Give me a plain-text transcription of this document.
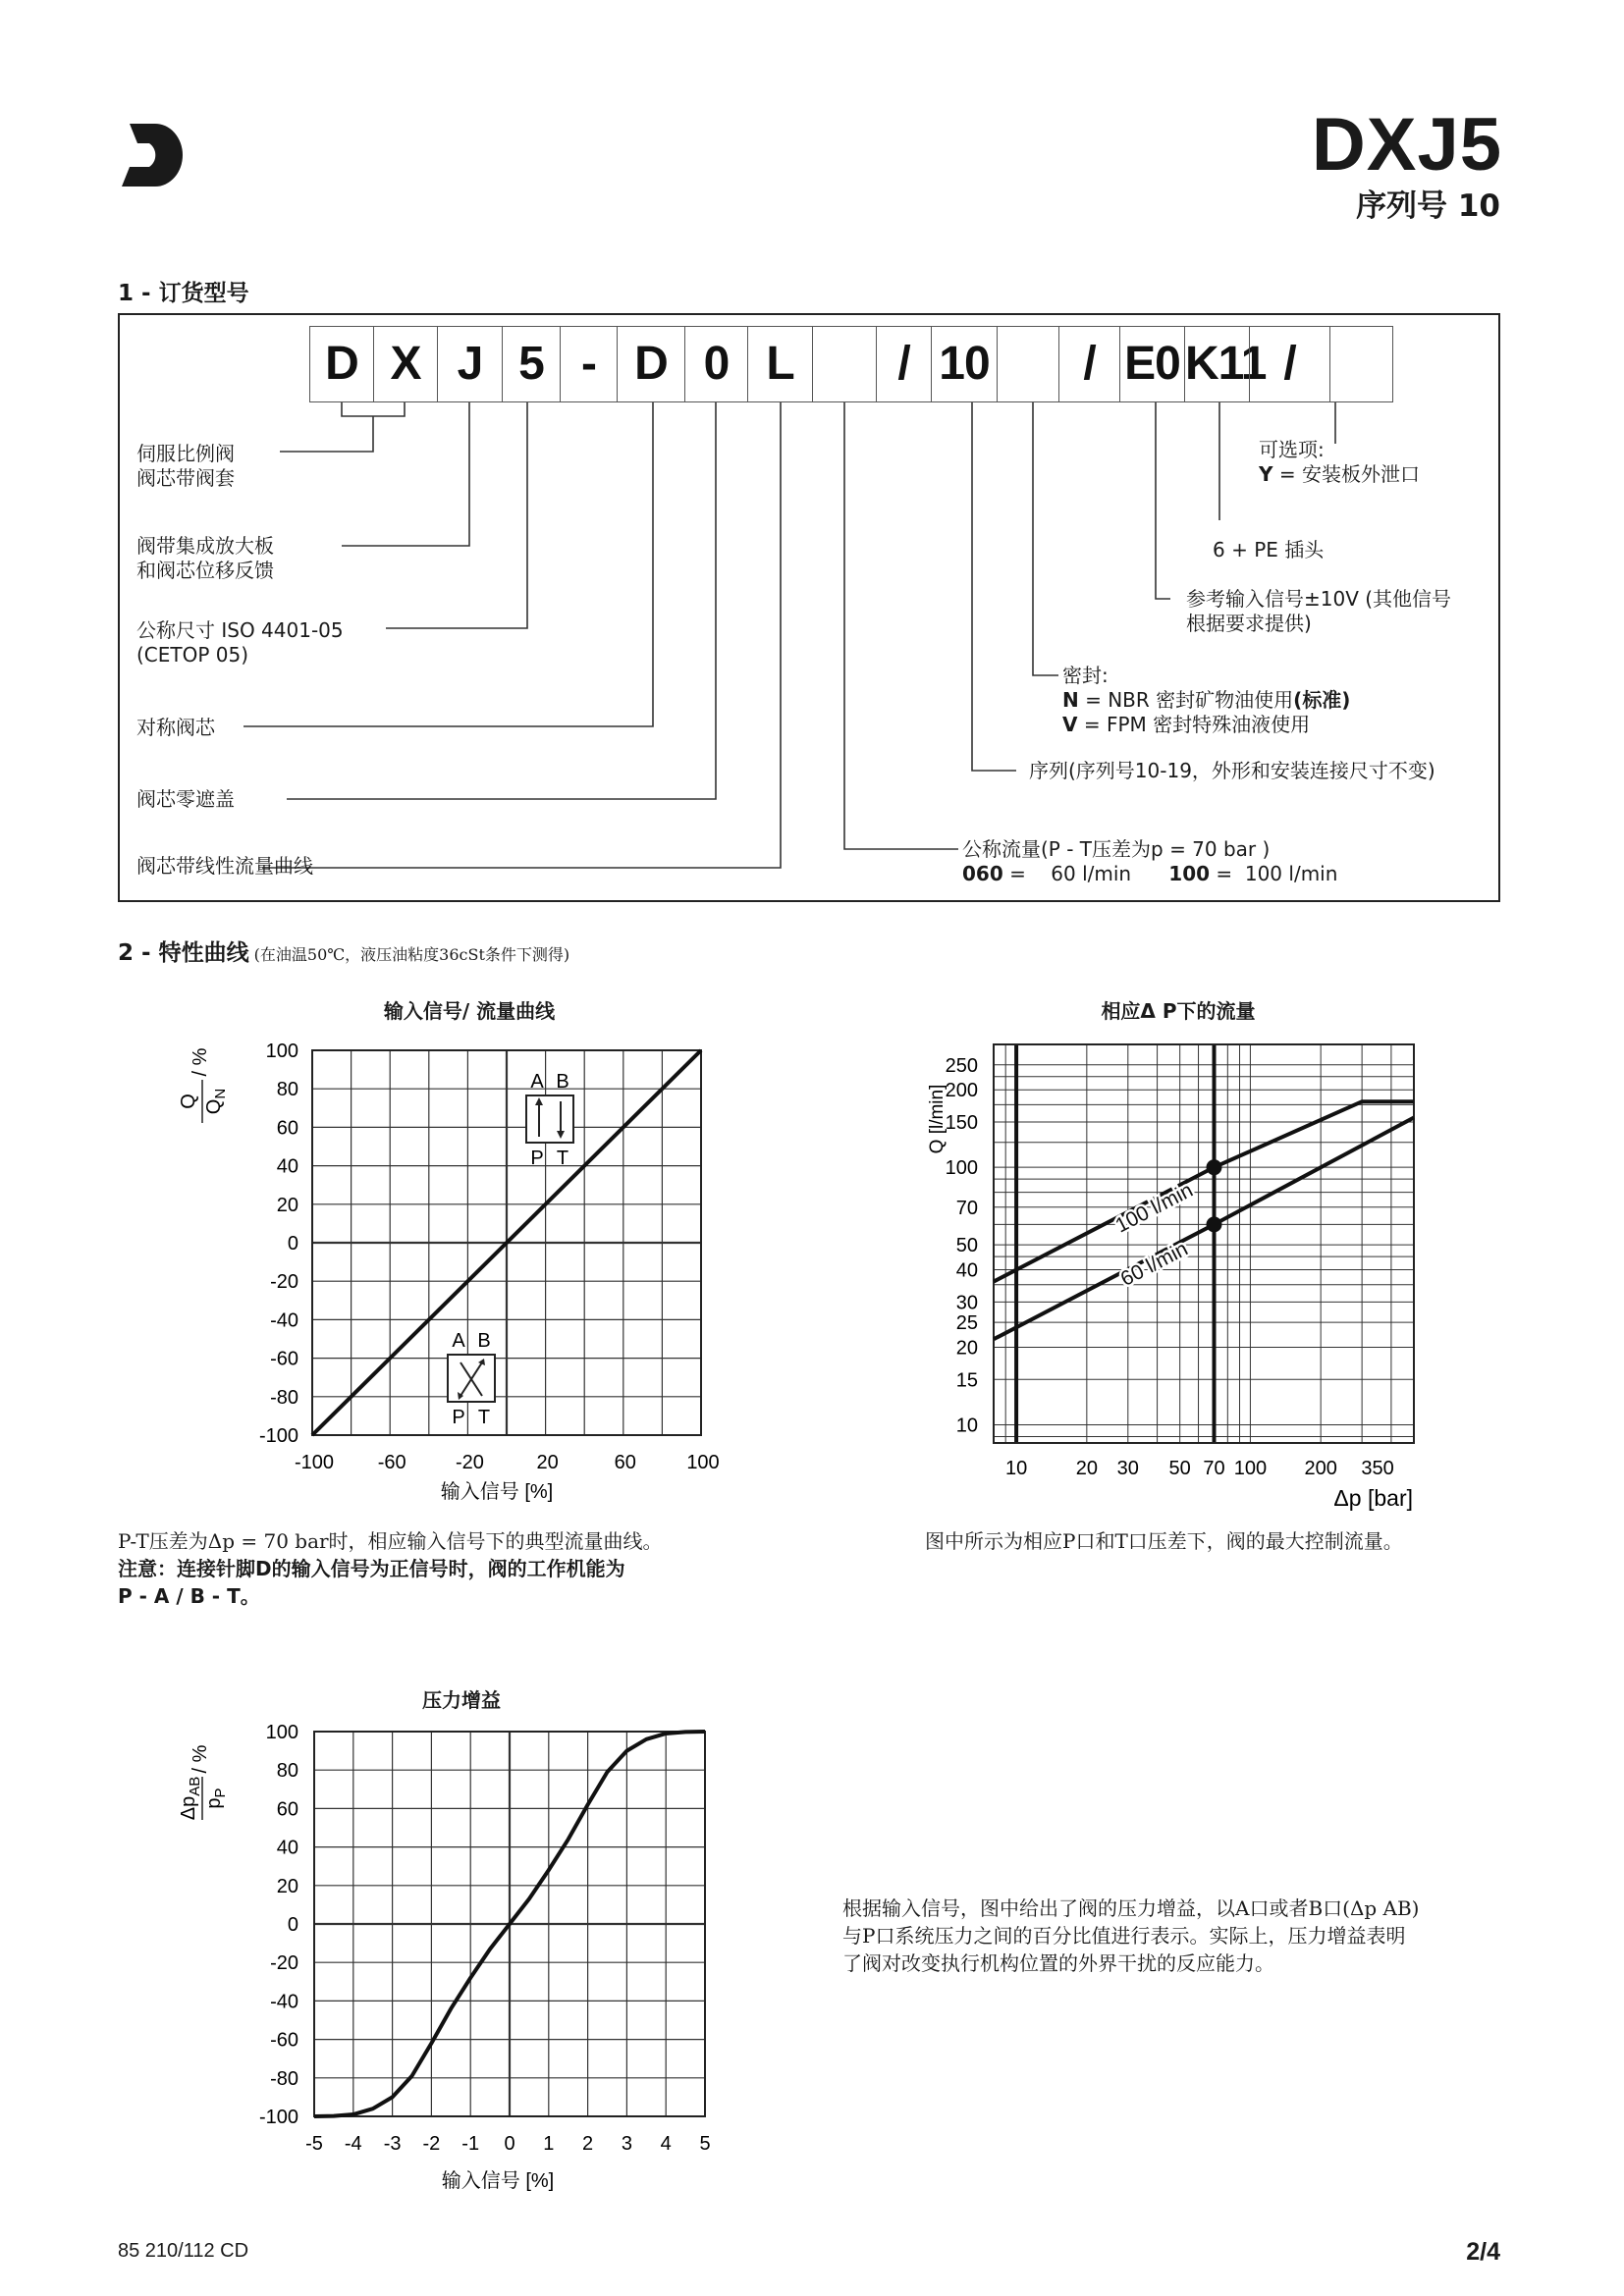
DXJ5
序列号 10
1 - 订货型号
D X J 5 - D 0 L	/ 10	/ E0 K11 /
伺服比例阀
阀芯带阀套
阀带集成放大板
和阀芯位移反馈
公称尺寸 ISO 4401-05
(CETOP 05)
对称阀芯
阀芯零遮盖
阀芯带线性流量曲线
可选项:
Y = 安装板外泄口
6 + PE 插头
参考输入信号±10V (其他信号
根据要求提供)
密封:
N = NBR 密封矿物油使用(标准)
V = FPM 密封特殊油液使用
序列(序列号10-19，外形和安装连接尺寸不变)
公称流量(P - T压差为p = 70 bar )
060 =    60 l/min 100 =  100 l/min
2 - 特性曲线 (在油温50℃，液压油粘度36cSt条件下测得)
输入信号/ 流量曲线
100
80
60
40
20
0
-20
-40
-60
-80
-100
-100 -60	-20	20	60	100
输入信号 [%]
Q $Q_N$
/ %
A B
P T
A B
P T
相应Δ P下的流量
250
200
150
100
70
50
40
30
25
20
15
10
10 20 30 50 70 100 200 350
Δp [bar]
Q [l/min]
100 l/min
60 l/min
P-T压差为Δp = 70 bar时，相应输入信号下的典型流量曲线。
注意：连接针脚D的输入信号为正信号时，阀的工作机能为
P - A / B - T。
图中所示为相应P口和T口压差下，阀的最大控制流量。
压力增益
100
80
60
40
20
0
-20
-40
-60
-80
-100
-5 -4 -3 -2 -1 0 1 2 3 4 5
输入信号 [%]
$\Delta p_{AB}$
$p_P$
/ %
根据输入信号，图中给出了阀的压力增益，以A口或者B口(Δp AB)
与P口系统压力之间的百分比值进行表示。实际上，压力增益表明
了阀对改变执行机构位置的外界干扰的反应能力。
85 210/112 CD	2/4
